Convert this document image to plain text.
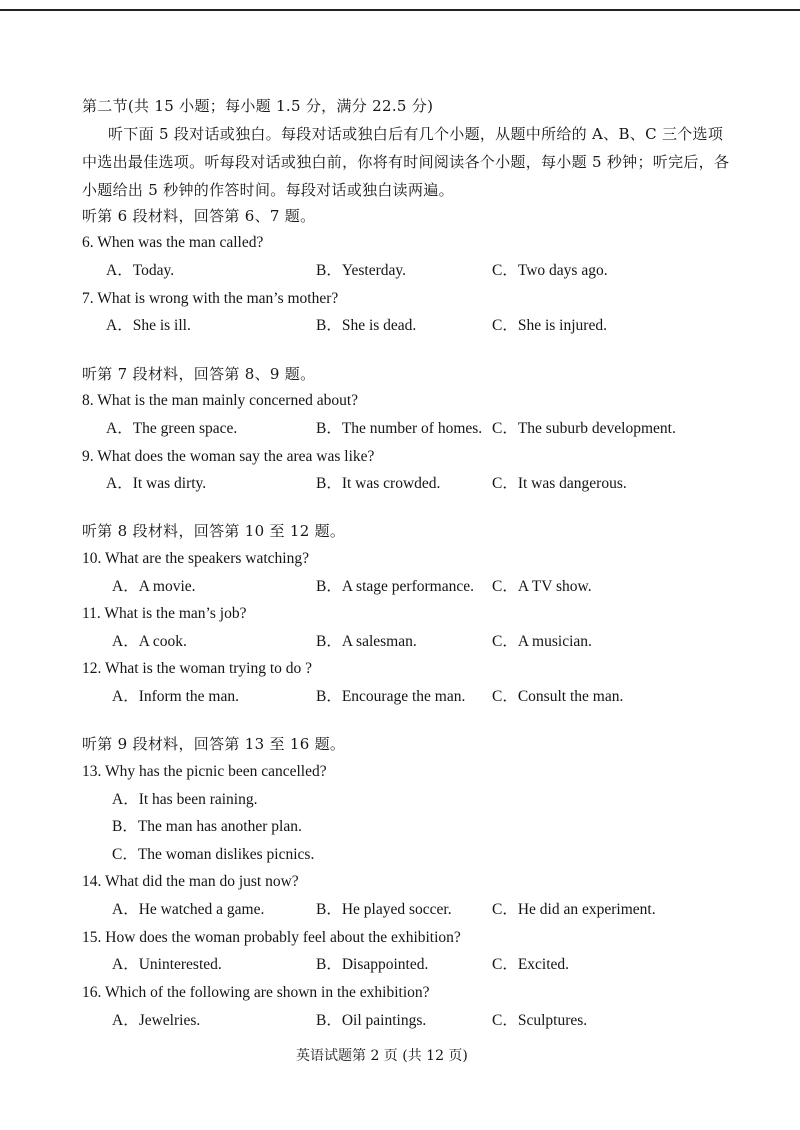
第二节(共 15 小题；每小题 1.5 分，满分 22.5 分)
听下面 5 段对话或独白。每段对话或独白后有几个小题，从题中所给的 A、B、C 三个选项
中选出最佳选项。听每段对话或独白前，你将有时间阅读各个小题，每小题 5 秒钟；听完后，各
小题给出 5 秒钟的作答时间。每段对话或独白读两遍。
听第 6 段材料，回答第 6、7 题。
6. When was the man called?
A．Today.	B．Yesterday.	C．Two days ago.
7. What is wrong with the man’s mother?
A．She is ill.	B．She is dead.	C．She is injured.
听第 7 段材料，回答第 8、9 题。
8. What is the man mainly concerned about?
A．The green space.	B．The number of homes. C．The suburb development.
9. What does the woman say the area was like?
A．It was dirty.	B．It was crowded.	C．It was dangerous.
听第 8 段材料，回答第 10 至 12 题。
10. What are the speakers watching?
A．A movie.	B．A stage performance. C．A TV show.
11. What is the man’s job?
A．A cook.	B．A salesman.	C．A musician.
12. What is the woman trying to do ?
A．Inform the man.	B．Encourage the man. C．Consult the man.
听第 9 段材料，回答第 13 至 16 题。
13. Why has the picnic been cancelled?
A．It has been raining.
B．The man has another plan.
C．The woman dislikes picnics.
14. What did the man do just now?
A．He watched a game.	B．He played soccer.	C．He did an experiment.
15. How does the woman probably feel about the exhibition?
A．Uninterested.	B．Disappointed.	C．Excited.
16. Which of the following are shown in the exhibition?
A．Jewelries.	B．Oil paintings.	C．Sculptures.
英语试题第 2 页 (共 12 页)
